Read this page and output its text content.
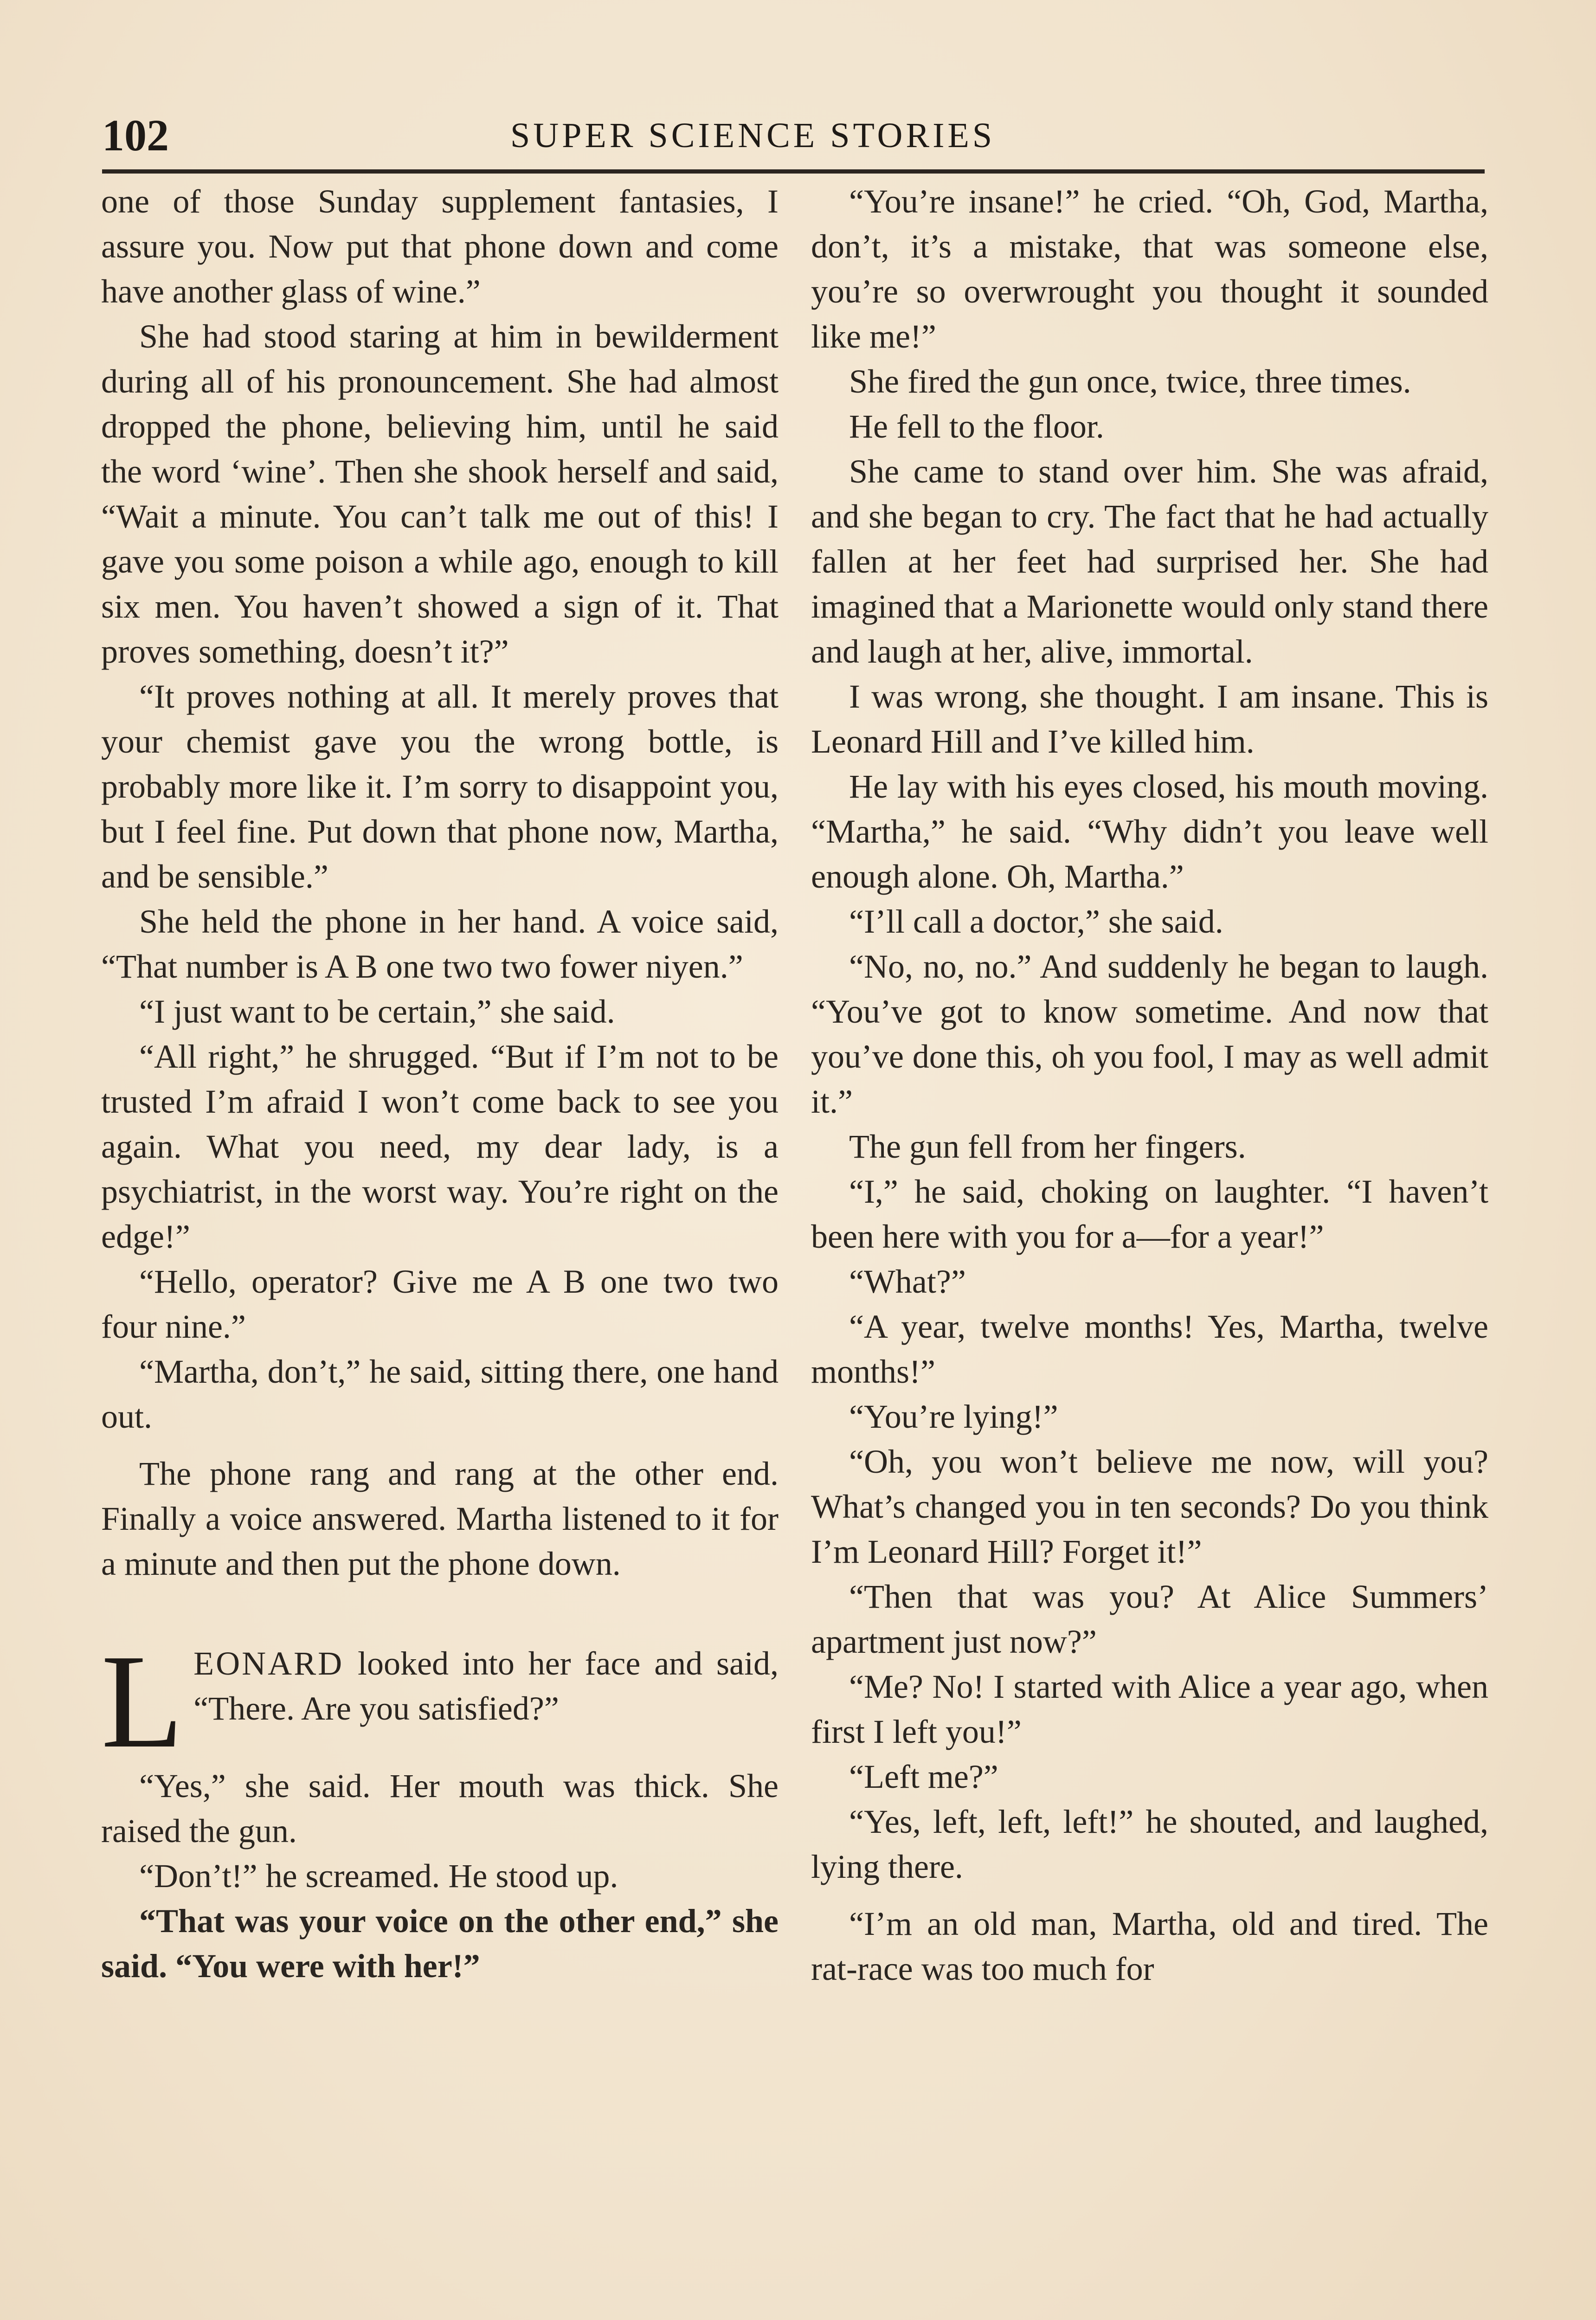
102	SUPER SCIENCE STORIES

one of those Sunday supplement fantasies, I assure you. Now put that phone down and come have another glass of wine.”

She had stood staring at him in bewilderment during all of his pronouncement. She had almost dropped the phone, believing him, until he said the word ‘wine’. Then she shook herself and said, “Wait a minute. You can’t talk me out of this! I gave you some poison a while ago, enough to kill six men. You haven’t showed a sign of it. That proves something, doesn’t it?”

“It proves nothing at all. It merely proves that your chemist gave you the wrong bottle, is probably more like it. I’m sorry to disappoint you, but I feel fine. Put down that phone now, Martha, and be sensible.”

She held the phone in her hand. A voice said, “That number is A B one two two fower niyen.”

“I just want to be certain,” she said.

“All right,” he shrugged. “But if I’m not to be trusted I’m afraid I won’t come back to see you again. What you need, my dear lady, is a psychiatrist, in the worst way. You’re right on the edge!”

“Hello, operator? Give me A B one two two four nine.”

“Martha, don’t,” he said, sitting there, one hand out.

The phone rang and rang at the other end. Finally a voice answered. Martha listened to it for a minute and then put the phone down.

L EONARD looked into her face and said, “There. Are you satisfied?”

“Yes,” she said. Her mouth was thick. She raised the gun.

“Don’t!” he screamed. He stood up.

“That was your voice on the other end,” she said. “You were with her!”

“You’re insane!” he cried. “Oh, God, Martha, don’t, it’s a mistake, that was someone else, you’re so overwrought you thought it sounded like me!”

She fired the gun once, twice, three times.

He fell to the floor.

She came to stand over him. She was afraid, and she began to cry. The fact that he had actually fallen at her feet had surprised her. She had imagined that a Marionette would only stand there and laugh at her, alive, immortal.

I was wrong, she thought. I am insane. This is Leonard Hill and I’ve killed him.

He lay with his eyes closed, his mouth moving. “Martha,” he said. “Why didn’t you leave well enough alone. Oh, Martha.”

“I’ll call a doctor,” she said.

“No, no, no.” And suddenly he began to laugh. “You’ve got to know sometime. And now that you’ve done this, oh you fool, I may as well admit it.”

The gun fell from her fingers.

“I,” he said, choking on laughter. “I haven’t been here with you for a—for a year!”

“What?”

“A year, twelve months! Yes, Martha, twelve months!”

“You’re lying!”

“Oh, you won’t believe me now, will you? What’s changed you in ten seconds? Do you think I’m Leonard Hill? Forget it!”

“Then that was you? At Alice Summers’ apartment just now?”

“Me? No! I started with Alice a year ago, when first I left you!”

“Left me?”

“Yes, left, left, left!” he shouted, and laughed, lying there.

“I’m an old man, Martha, old and tired. The rat-race was too much for
